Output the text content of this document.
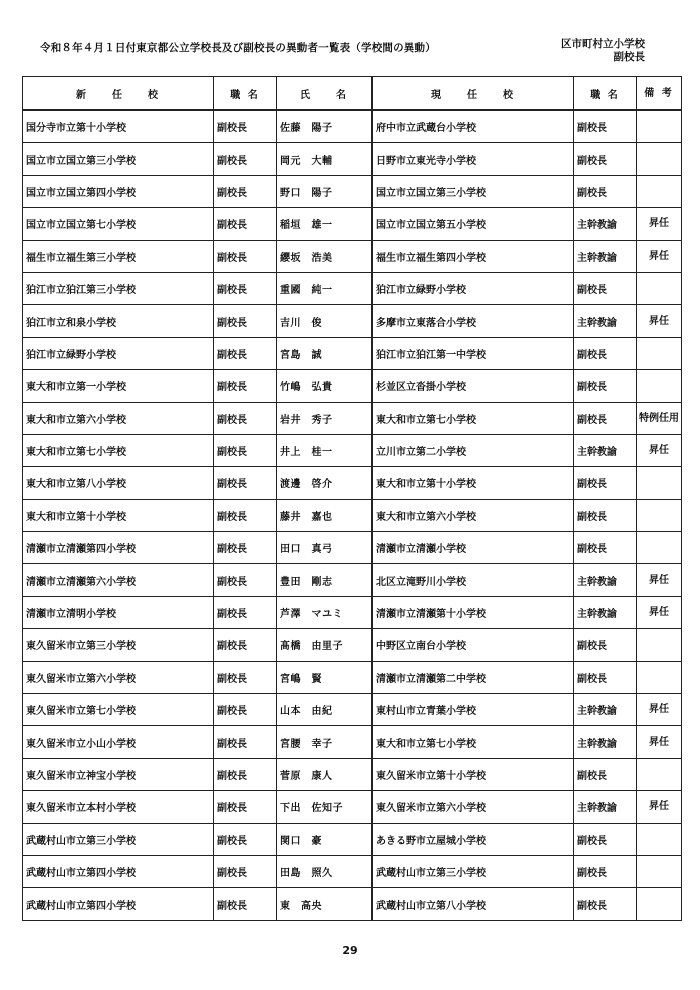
令和８年４月１日付東京都公立学校長及び副校長の異動者一覧表（学校間の異動）	区市町村立小学校
副校長
新　　任　　校	職 名	氏　　名	現　　任　　校	職 名	備 考
国分寺市立第十小学校	副校長	佐藤　陽子	府中市立武蔵台小学校	副校長	
国立市立国立第三小学校	副校長	岡元　大輔	日野市立東光寺小学校	副校長	
国立市立国立第四小学校	副校長	野口　陽子	国立市立国立第三小学校	副校長	
国立市立国立第七小学校	副校長	稲垣　雄一	国立市立国立第五小学校	主幹教諭	昇任
福生市立福生第三小学校	副校長	纓坂　浩美	福生市立福生第四小学校	主幹教諭	昇任
狛江市立狛江第三小学校	副校長	重國　純一	狛江市立緑野小学校	副校長	
狛江市立和泉小学校	副校長	吉川　俊	多摩市立東落合小学校	主幹教諭	昇任
狛江市立緑野小学校	副校長	宮島　誠	狛江市立狛江第一中学校	副校長	
東大和市立第一小学校	副校長	竹嶋　弘貴	杉並区立沓掛小学校	副校長	
東大和市立第六小学校	副校長	岩井　秀子	東大和市立第七小学校	副校長	特例任用
東大和市立第七小学校	副校長	井上　桂一	立川市立第二小学校	主幹教諭	昇任
東大和市立第八小学校	副校長	渡邊　啓介	東大和市立第十小学校	副校長	
東大和市立第十小学校	副校長	藤井　嘉也	東大和市立第六小学校	副校長	
清瀬市立清瀬第四小学校	副校長	田口　真弓	清瀬市立清瀬小学校	副校長	
清瀬市立清瀬第六小学校	副校長	豊田　剛志	北区立滝野川小学校	主幹教諭	昇任
清瀬市立清明小学校	副校長	芦澤　マユミ	清瀬市立清瀬第十小学校	主幹教諭	昇任
東久留米市立第三小学校	副校長	髙橋　由里子	中野区立南台小学校	副校長	
東久留米市立第六小学校	副校長	宮嶋　賢	清瀬市立清瀬第二中学校	副校長	
東久留米市立第七小学校	副校長	山本　由紀	東村山市立青葉小学校	主幹教諭	昇任
東久留米市立小山小学校	副校長	宮腰　幸子	東大和市立第七小学校	主幹教諭	昇任
東久留米市立神宝小学校	副校長	菅原　康人	東久留米市立第十小学校	副校長	
東久留米市立本村小学校	副校長	下出　佐知子	東久留米市立第六小学校	主幹教諭	昇任
武蔵村山市立第三小学校	副校長	関口　豪	あきる野市立屋城小学校	副校長	
武蔵村山市立第四小学校	副校長	田島　照久	武蔵村山市立第三小学校	副校長	
武蔵村山市立第四小学校	副校長	東　高央	武蔵村山市立第八小学校	副校長	
29
